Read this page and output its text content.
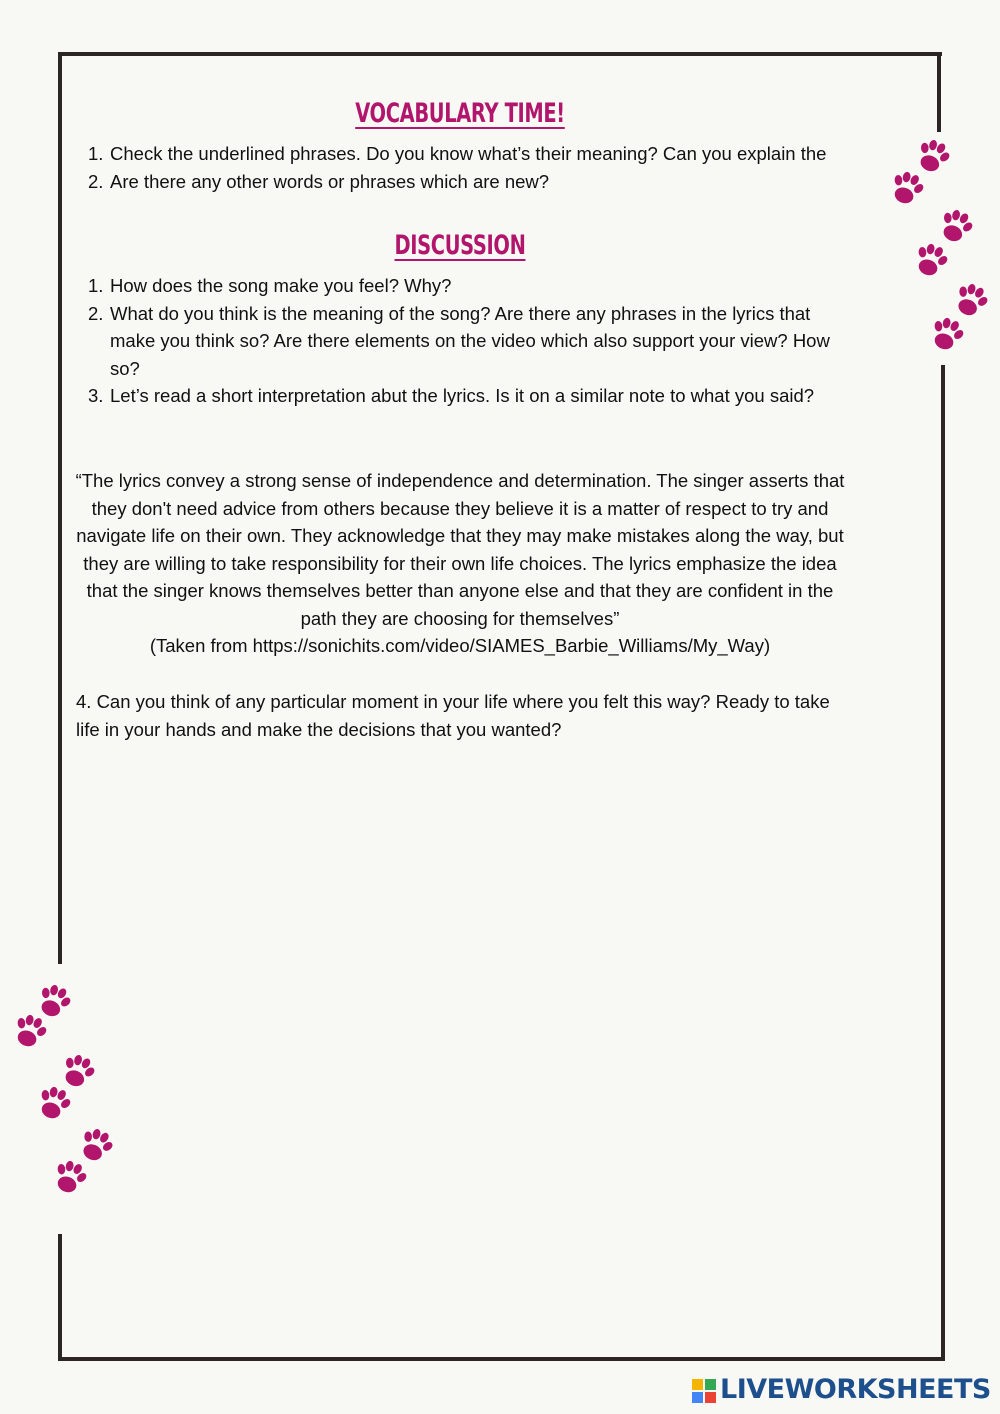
VOCABULARY TIME!
1. Check the underlined phrases. Do you know what’s their meaning? Can you explain the
2. Are there any other words or phrases which are new?
DISCUSSION
1. How does the song make you feel? Why?
2. What do you think is the meaning of the song? Are there any phrases in the lyrics that make you think so? Are there elements on the video which also support your view? How so?
3. Let’s read a short interpretation abut the lyrics. Is it on a similar note to what you said?

“The lyrics convey a strong sense of independence and determination. The singer asserts that they don't need advice from others because they believe it is a matter of respect to try and navigate life on their own. They acknowledge that they may make mistakes along the way, but they are willing to take responsibility for their own life choices. The lyrics emphasize the idea that the singer knows themselves better than anyone else and that they are confident in the path they are choosing for themselves”

(Taken from https://sonichits.com/video/SIAMES_Barbie_Williams/My_Way)

4. Can you think of any particular moment in your life where you felt this way? Ready to take life in your hands and make the decisions that you wanted?

LIVEWORKSHEETS
